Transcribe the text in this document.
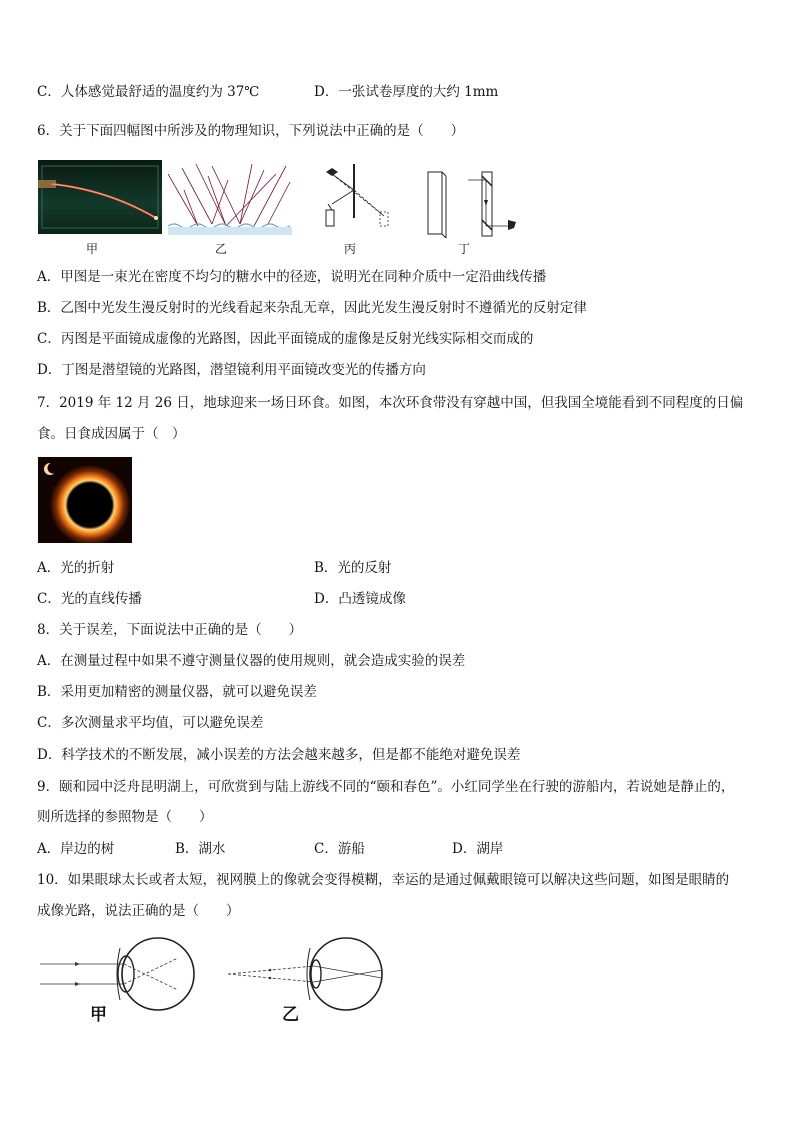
C．人体感觉最舒适的温度约为 37℃	D．一张试卷厚度的大约 1mm
6．关于下面四幅图中所涉及的物理知识，下列说法中正确的是（　　）
甲	乙	丙	丁
A．甲图是一束光在密度不均匀的糖水中的径迹，说明光在同种介质中一定沿曲线传播
B．乙图中光发生漫反射时的光线看起来杂乱无章，因此光发生漫反射时不遵循光的反射定律
C．丙图是平面镜成虚像的光路图，因此平面镜成的虚像是反射光线实际相交而成的
D．丁图是潜望镜的光路图，潜望镜利用平面镜改变光的传播方向
7．2019 年 12 月 26 日，地球迎来一场日环食。如图，本次环食带没有穿越中国，但我国全境能看到不同程度的日偏
食。日食成因属于（　）
A．光的折射	B．光的反射
C．光的直线传播	D．凸透镜成像
8．关于误差，下面说法中正确的是（　　）
A．在测量过程中如果不遵守测量仪器的使用规则，就会造成实验的误差
B．采用更加精密的测量仪器，就可以避免误差
C．多次测量求平均值，可以避免误差
D．科学技术的不断发展，减小误差的方法会越来越多，但是都不能绝对避免误差
9．颐和园中泛舟昆明湖上，可欣赏到与陆上游线不同的“颐和春色”。小红同学坐在行驶的游船内，若说她是静止的，
则所选择的参照物是（　　）
A．岸边的树	B．湖水	C．游船	D．湖岸
10．如果眼球太长或者太短，视网膜上的像就会变得模糊，幸运的是通过佩戴眼镜可以解决这些问题，如图是眼睛的
成像光路，说法正确的是（　　）
甲	乙
